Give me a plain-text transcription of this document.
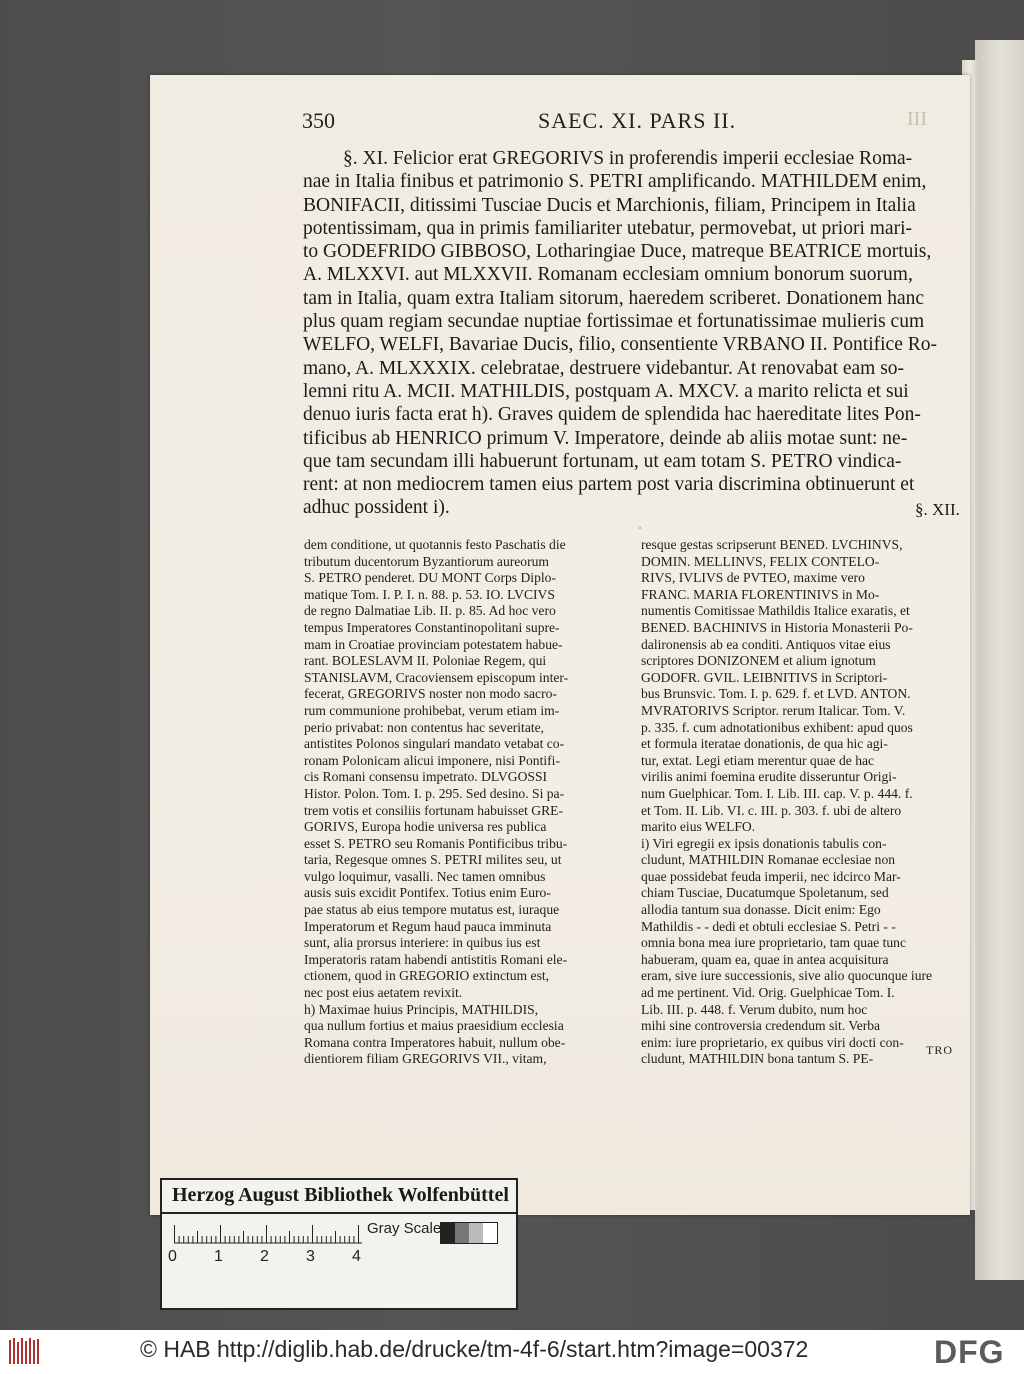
350	SAEC. XI. PARS II.	III

§. XI. Felicior erat GREGORIVS in proferendis imperii ecclesiae Roma-
nae in Italia finibus et patrimonio S. PETRI amplificando. MATHILDEM enim,
BONIFACII, ditissimi Tusciae Ducis et Marchionis, filiam, Principem in Italia
potentissimam, qua in primis familiariter utebatur, permovebat, ut priori mari-
to GODEFRIDO GIBBOSO, Lotharingiae Duce, matreque BEATRICE mortuis,
A. MLXXVI. aut MLXXVII. Romanam ecclesiam omnium bonorum suorum,
tam in Italia, quam extra Italiam sitorum, haeredem scriberet. Donationem hanc
plus quam regiam secundae nuptiae fortissimae et fortunatissimae mulieris cum
WELFO, WELFI, Bavariae Ducis, filio, consentiente VRBANO II. Pontifice Ro-
mano, A. MLXXXIX. celebratae, destruere videbantur. At renovabat eam so-
lemni ritu A. MCII. MATHILDIS, postquam A. MXCV. a marito relicta et sui
denuo iuris facta erat h). Graves quidem de splendida hac haereditate lites Pon-
tificibus ab HENRICO primum V. Imperatore, deinde ab aliis motae sunt: ne-
que tam secundam illi habuerunt fortunam, ut eam totam S. PETRO vindica-
rent: at non mediocrem tamen eius partem post varia discrimina obtinuerunt et
adhuc possident i).	§. XII.
◦
dem conditione, ut quotannis festo Paschatis die
tributum ducentorum Byzantiorum aureorum
S. PETRO penderet. DU MONT Corps Diplo-
matique Tom. I. P. I. n. 88. p. 53. IO. LVCIVS
de regno Dalmatiae Lib. II. p. 85. Ad hoc vero
tempus Imperatores Constantinopolitani supre-
mam in Croatiae provinciam potestatem habue-
rant. BOLESLAVM II. Poloniae Regem, qui
STANISLAVM, Cracoviensem episcopum inter-
fecerat, GREGORIVS noster non modo sacro-
rum communione prohibebat, verum etiam im-
perio privabat: non contentus hac severitate,
antistites Polonos singulari mandato vetabat co-
ronam Polonicam alicui imponere, nisi Pontifi-
cis Romani consensu impetrato. DLVGOSSI
Histor. Polon. Tom. I. p. 295. Sed desino. Si pa-
trem votis et consiliis fortunam habuisset GRE-
GORIVS, Europa hodie universa res publica
esset S. PETRO seu Romanis Pontificibus tribu-
taria, Regesque omnes S. PETRI milites seu, ut
vulgo loquimur, vasalli. Nec tamen omnibus
ausis suis excidit Pontifex. Totius enim Euro-
pae status ab eius tempore mutatus est, iuraque
Imperatorum et Regum haud pauca imminuta
sunt, alia prorsus interiere: in quibus ius est
Imperatoris ratam habendi antistitis Romani ele-
ctionem, quod in GREGORIO extinctum est,
nec post eius aetatem revixit.
h) Maximae huius Principis, MATHILDIS,
qua nullum fortius et maius praesidium ecclesia
Romana contra Imperatores habuit, nullum obe-
dientiorem filiam GREGORIVS VII., vitam,
resque gestas scripserunt BENED. LVCHINVS,
DOMIN. MELLINVS, FELIX CONTELO-
RIVS, IVLIVS de PVTEO, maxime vero
FRANC. MARIA FLORENTINIVS in Mo-
numentis Comitissae Mathildis Italice exaratis, et
BENED. BACHINIVS in Historia Monasterii Po-
dalironensis ab ea conditi. Antiquos vitae eius
scriptores DONIZONEM et alium ignotum
GODOFR. GVIL. LEIBNITIVS in Scriptori-
bus Brunsvic. Tom. I. p. 629. f. et LVD. ANTON.
MVRATORIVS Scriptor. rerum Italicar. Tom. V.
p. 335. f. cum adnotationibus exhibent: apud quos
et formula iteratae donationis, de qua hic agi-
tur, extat. Legi etiam merentur quae de hac
virilis animi foemina erudite disseruntur Origi-
num Guelphicar. Tom. I. Lib. III. cap. V. p. 444. f.
et Tom. II. Lib. VI. c. III. p. 303. f. ubi de altero
marito eius WELFO.
i) Viri egregii ex ipsis donationis tabulis con-
cludunt, MATHILDIN Romanae ecclesiae non
quae possidebat feuda imperii, nec idcirco Mar-
chiam Tusciae, Ducatumque Spoletanum, sed
allodia tantum sua donasse. Dicit enim: Ego
Mathildis - - dedi et obtuli ecclesiae S. Petri - -
omnia bona mea iure proprietario, tam quae tunc
habueram, quam ea, quae in antea acquisitura
eram, sive iure successionis, sive alio quocunque iure
ad me pertinent. Vid. Orig. Guelphicae Tom. I.
Lib. III. p. 448. f. Verum dubito, num hoc
mihi sine controversia credendum sit. Verba
enim: iure proprietario, ex quibus viri docti con-
cludunt, MATHILDIN bona tantum S. PE-
TRO
Herzog August Bibliothek Wolfenbüttel
0 1 2 3 4
Gray Scale
© HAB http://diglib.hab.de/drucke/tm-4f-6/start.htm?image=00372	DFG
